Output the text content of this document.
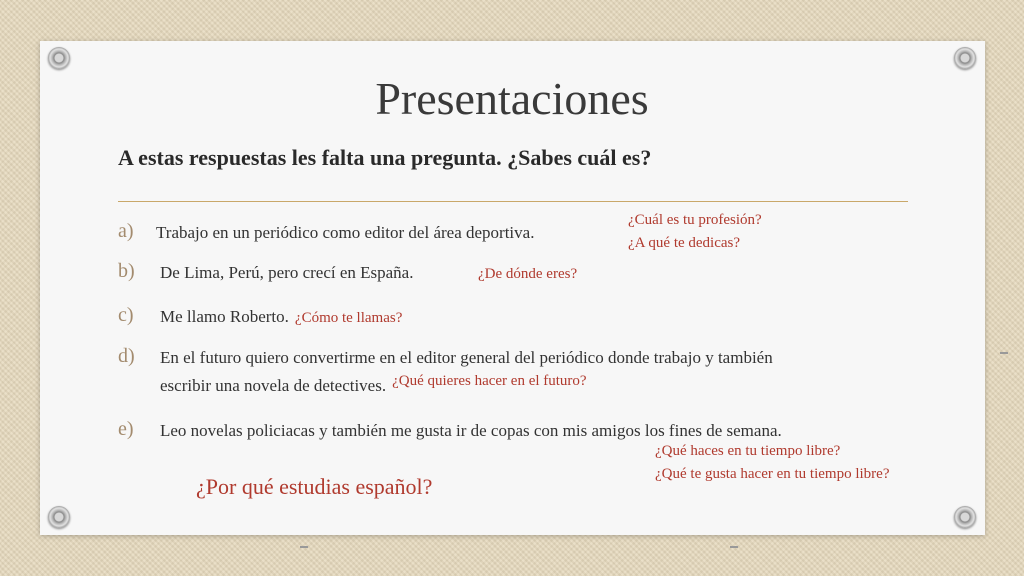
Presentaciones

A estas respuestas les falta una pregunta. ¿Sabes cuál es?

a) Trabajo en un periódico como editor del área deportiva.
¿Cuál es tu profesión?
¿A qué te dedicas?
b) De Lima, Perú, pero crecí en España.	¿De dónde eres?
c) Me llamo Roberto. ¿Cómo te llamas?
d) En el futuro quiero convertirme en el editor general del periódico donde trabajo y también
escribir una novela de detectives. ¿Qué quieres hacer en el futuro?
e) Leo novelas policiacas y también me gusta ir de copas con mis amigos los fines de semana.
¿Qué haces en tu tiempo libre?
¿Qué te gusta hacer en tu tiempo libre?
¿Por qué estudias español?
